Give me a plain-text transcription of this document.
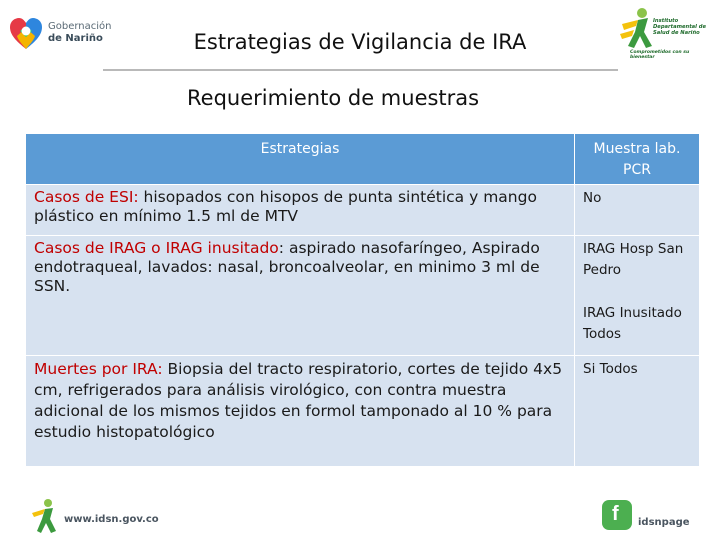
Gobernación
de Nariño
Instituto Departamental de Salud de Nariño
Comprometidos con su bienestar
Estrategias de Vigilancia de IRA
Requerimiento de muestras
Estrategias	Muestra lab. PCR

Casos de ESI: hisopados con hisopos de punta sintética y mango plástico en mínimo 1.5 ml de MTV	No

Casos de IRAG o IRAG inusitado: aspirado nasofaríngeo, Aspirado endotraqueal, lavados: nasal, broncoalveolar, en minimo 3 ml de SSN.	IRAG Hosp San Pedro
IRAG Inusitado Todos

Muertes por IRA: Biopsia del tracto respiratorio, cortes de tejido 4x5 cm, refrigerados para análisis virológico, con contra muestra adicional de los mismos tejidos en formol tamponado al 10 % para estudio histopatológico	Si Todos
www.idsn.gov.co	f idsnpage
